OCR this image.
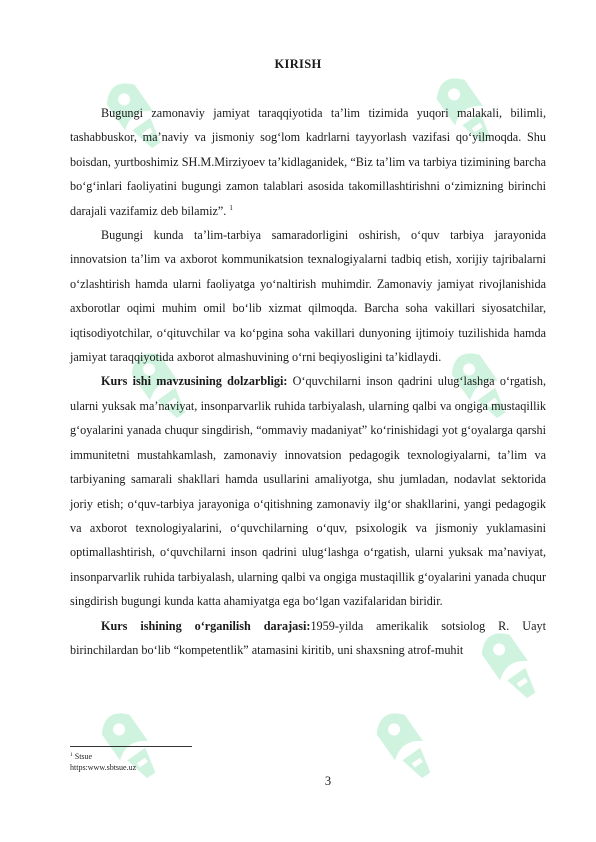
KIRISH

Bugungi zamonaviy jamiyat taraqqiyotida ta’lim tizimida yuqori malakali, bilimli, tashabbuskor, ma’naviy va jismoniy sog‘lom kadrlarni tayyorlash vazifasi qo‘yilmoqda. Shu boisdan, yurtboshimiz SH.M.Mirziyoev ta’kidlaganidek, “Biz ta’lim va tarbiya tizimining barcha bo‘g‘inlari faoliyatini bugungi zamon talablari asosida takomillashtirishni o‘zimizning birinchi darajali vazifamiz deb bilamiz”. $^1$

Bugungi kunda ta’lim-tarbiya samaradorligini oshirish, o‘quv tarbiya jarayonida innovatsion ta’lim va axborot kommunikatsion texnalogiyalarni tadbiq etish, xorijiy tajribalarni o‘zlashtirish hamda ularni faoliyatga yo‘naltirish muhimdir. Zamonaviy jamiyat rivojlanishida axborotlar oqimi muhim omil bo‘lib xizmat qilmoqda. Barcha soha vakillari siyosatchilar, iqtisodiyotchilar, o‘qituvchilar va ko‘pgina soha vakillari dunyoning ijtimoiy tuzilishida hamda jamiyat taraqqiyotida axborot almashuvining o‘rni beqiyosligini ta’kidlaydi.

Kurs ishi mavzusining dolzarbligi: O‘quvchilarni inson qadrini ulug‘lashga o‘rgatish, ularni yuksak ma’naviyat, insonparvarlik ruhida tarbiyalash, ularning qalbi va ongiga mustaqillik g‘oyalarini yanada chuqur singdirish, “ommaviy madaniyat” ko‘rinishidagi yot g‘oyalarga qarshi immunitetni mustahkamlash, zamonaviy innovatsion pedagogik texnologiyalarni, ta’lim va tarbiyaning samarali shakllari hamda usullarini amaliyotga, shu jumladan, nodavlat sektorida joriy etish; o‘quv-tarbiya jarayoniga o‘qitishning zamonaviy ilg‘or shakllarini, yangi pedagogik va axborot texnologiyalarini, o‘quvchilarning o‘quv, psixologik va jismoniy yuklamasini optimallashtirish, o‘quvchilarni inson qadrini ulug‘lashga o‘rgatish, ularni yuksak ma’naviyat, insonparvarlik ruhida tarbiyalash, ularning qalbi va ongiga mustaqillik g‘oyalarini yanada chuqur singdirish bugungi kunda katta ahamiyatga ega bo‘lgan vazifalaridan biridir.

Kurs ishining o‘rganilish darajasi:1959-yilda amerikalik sotsiolog R. Uayt birinchilardan bo‘lib “kompetentlik” atamasini kiritib, uni shaxsning atrof-muhit

$^1$ Stsue
https:www.sbtsue.uz
3
